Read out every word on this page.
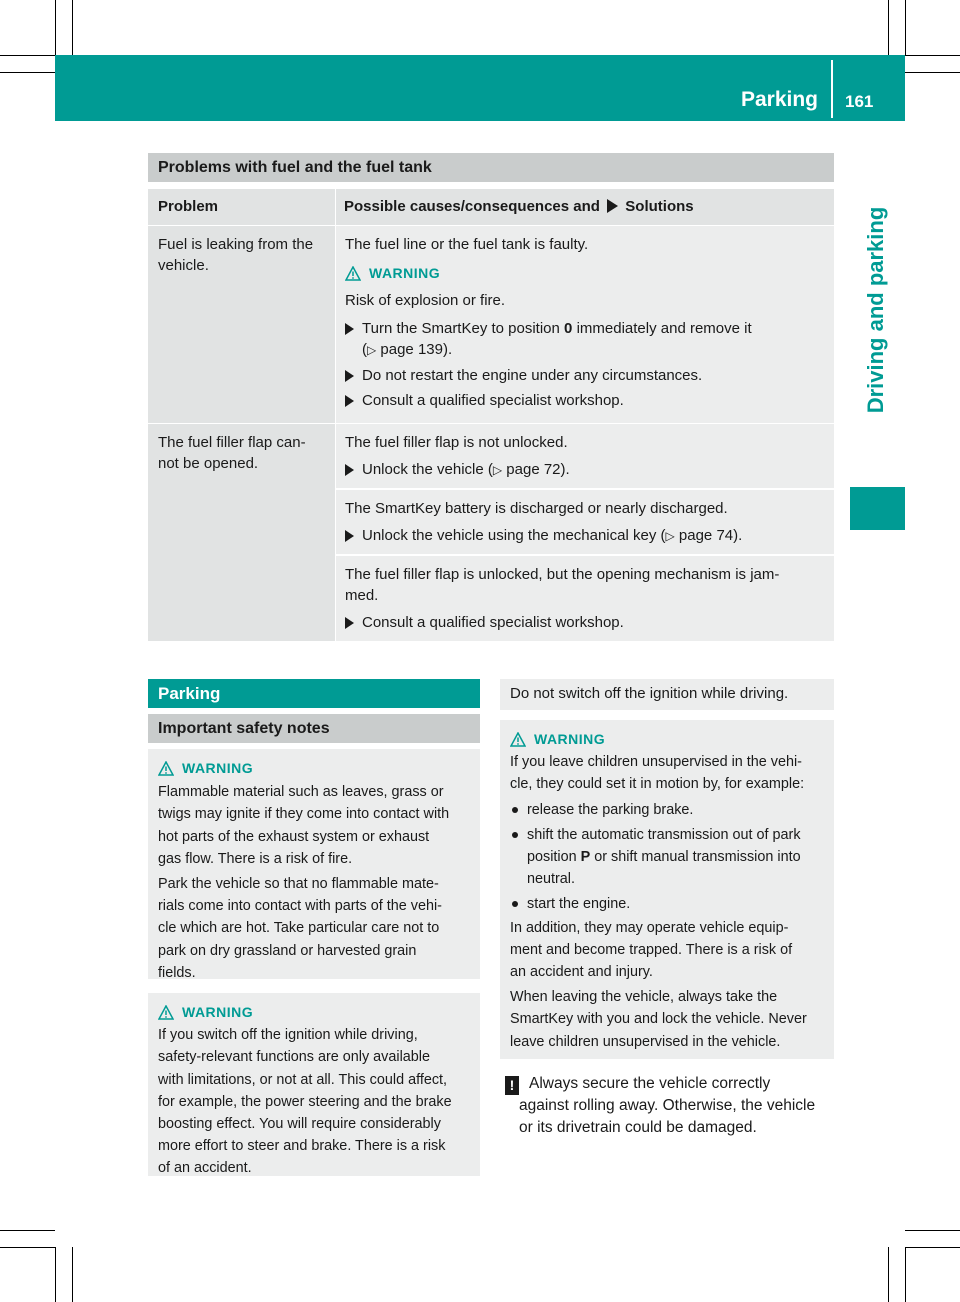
Parking 161
Driving and parking
Problems with fuel and the fuel tank
Problem	Possible causes/consequences and Solutions

Fuel is leaking from the vehicle.

The fuel line or the fuel tank is faulty.

WARNING

Risk of explosion or fire.

Turn the SmartKey to position 0 immediately and remove it
(▷ page 139).
Do not restart the engine under any circumstances.
Consult a qualified specialist workshop.

The fuel filler flap can-
not be opened.

The fuel filler flap is not unlocked.

Unlock the vehicle (▷ page 72).

The SmartKey battery is discharged or nearly discharged.

Unlock the vehicle using the mechanical key (▷ page 74).

The fuel filler flap is unlocked, but the opening mechanism is jam-
med.

Consult a qualified specialist workshop.
Parking
Important safety notes
WARNING
Flammable material such as leaves, grass or
twigs may ignite if they come into contact with
hot parts of the exhaust system or exhaust
gas flow. There is a risk of fire.
Park the vehicle so that no flammable mate-
rials come into contact with parts of the vehi-
cle which are hot. Take particular care not to
park on dry grassland or harvested grain
fields.
WARNING
If you switch off the ignition while driving,
safety-relevant functions are only available
with limitations, or not at all. This could affect,
for example, the power steering and the brake
boosting effect. You will require considerably
more effort to steer and brake. There is a risk
of an accident.
Do not switch off the ignition while driving.
WARNING
If you leave children unsupervised in the vehi-
cle, they could set it in motion by, for example:
release the parking brake.
shift the automatic transmission out of park
position P or shift manual transmission into
neutral.
start the engine.
In addition, they may operate vehicle equip-
ment and become trapped. There is a risk of
an accident and injury.
When leaving the vehicle, always take the
SmartKey with you and lock the vehicle. Never
leave children unsupervised in the vehicle.
! Always secure the vehicle correctly
against rolling away. Otherwise, the vehicle
or its drivetrain could be damaged.
